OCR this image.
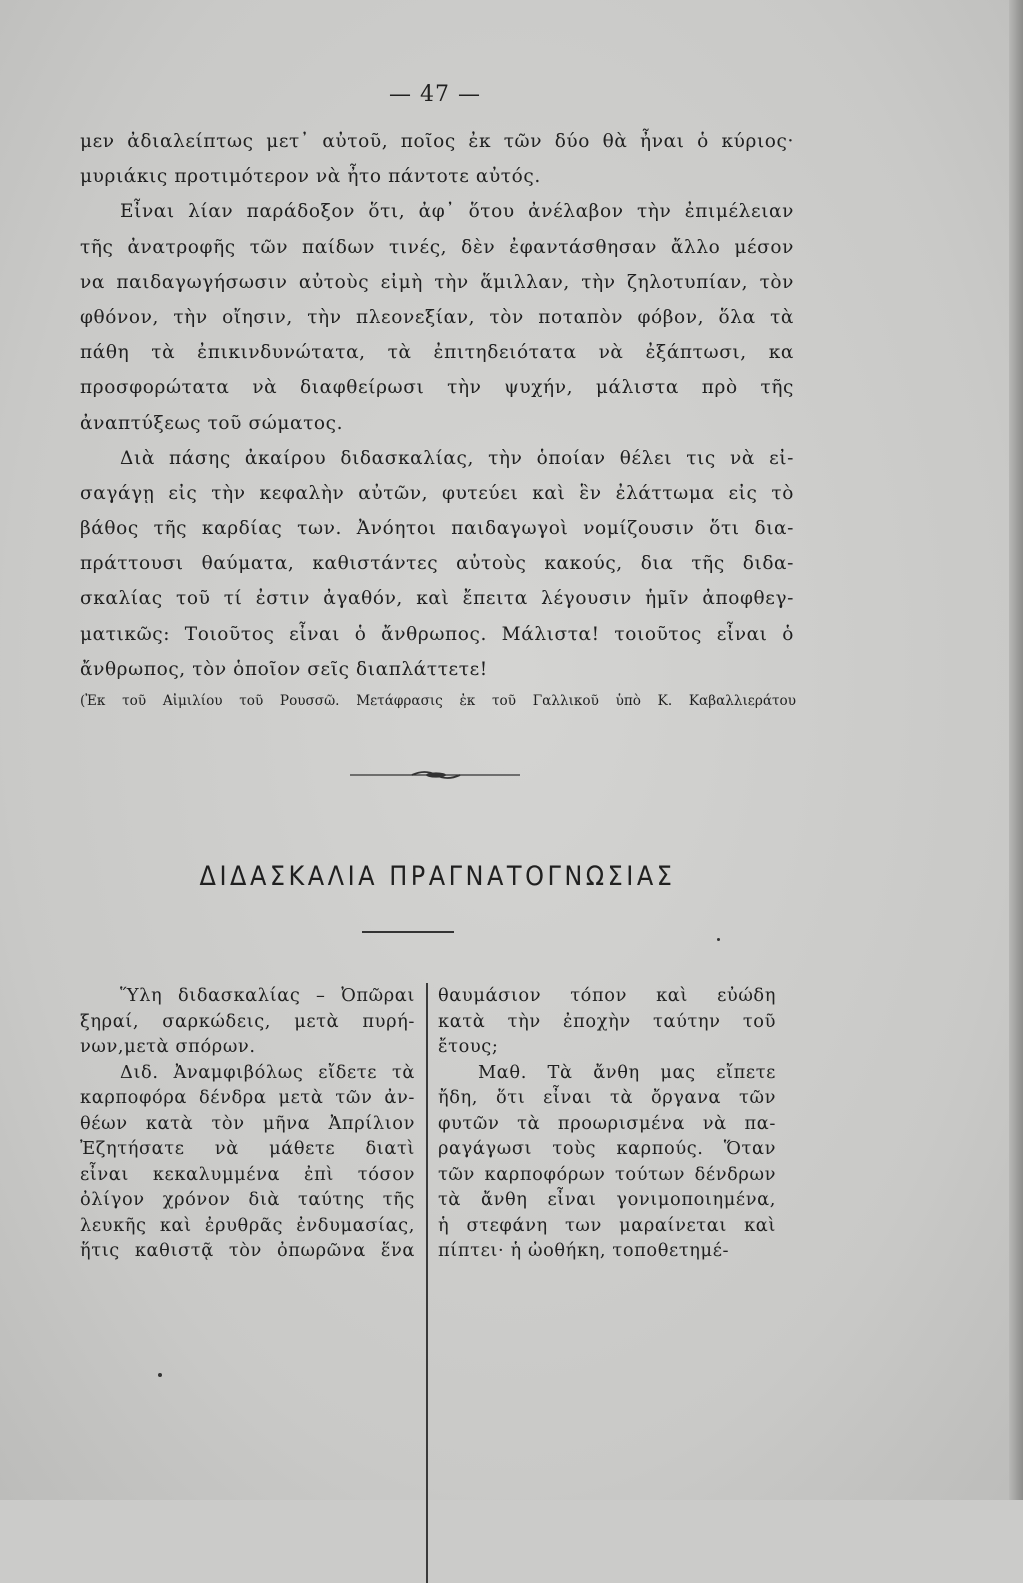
— 47 —
μεν ἀδιαλείπτως μετ᾽ αὐτοῦ, ποῖος ἐκ τῶν δύο θὰ ἦναι ὁ κύριος·
μυριάκις προτιμότερον νὰ ἦτο πάντοτε αὐτός.
Εἶναι λίαν παράδοξον ὅτι, ἀφ᾽ ὅτου ἀνέλαβον τὴν ἐπιμέλειαν
τῆς ἀνατροφῆς τῶν παίδων τινές, δὲν ἐφαντάσθησαν ἄλλο μέσον
να παιδαγωγήσωσιν αὐτοὺς εἰμὴ τὴν ἅμιλλαν, τὴν ζηλοτυπίαν, τὸν
φθόνον, τὴν οἴησιν, τὴν πλεονεξίαν, τὸν ποταπὸν φόβον, ὅλα τὰ
πάθη τὰ ἐπικινδυνώτατα, τὰ ἐπιτηδειότατα νὰ ἐξάπτωσι, κα
προσφορώτατα νὰ διαφθείρωσι τὴν ψυχήν, μάλιστα πρὸ τῆς
ἀναπτύξεως τοῦ σώματος.
Διὰ πάσης ἀκαίρου διδασκαλίας, τὴν ὁποίαν θέλει τις νὰ εἰ-
σαγάγῃ εἰς τὴν κεφαλὴν αὐτῶν, φυτεύει καὶ ἓν ἐλάττωμα εἰς τὸ
βάθος τῆς καρδίας των. Ἀνόητοι παιδαγωγοὶ νομίζουσιν ὅτι δια-
πράττουσι θαύματα, καθιστάντες αὐτοὺς κακούς, δια τῆς διδα-
σκαλίας τοῦ τί ἐστιν ἀγαθόν, καὶ ἔπειτα λέγουσιν ἡμῖν ἀποφθεγ-
ματικῶς: Τοιοῦτος εἶναι ὁ ἄνθρωπος. Μάλιστα! τοιοῦτος εἶναι ὁ
ἄνθρωπος, τὸν ὁποῖον σεῖς διαπλάττετε!
(Ἐκ τοῦ Αἰμιλίου τοῦ Ρουσσῶ. Μετάφρασις ἐκ τοῦ Γαλλικοῦ ὑπὸ Κ. Καβαλλιεράτου
ΔΙΔΑΣΚΑΛΙΑ ΠΡΑΓΝΑΤΟΓΝΩΣΙΑΣ
Ὕλη διδασκαλίας – Ὀπῶραι
ξηραί, σαρκώδεις, μετὰ πυρή-
νων,μετὰ σπόρων.
Διδ. Ἀναμφιβόλως εἴδετε τὰ
καρποφόρα δένδρα μετὰ τῶν ἀν-
θέων κατὰ τὸν μῆνα Ἀπρίλιον
Ἐζητήσατε νὰ μάθετε διατὶ
εἶναι κεκαλυμμένα ἐπὶ τόσον
ὀλίγον χρόνον διὰ ταύτης τῆς
λευκῆς καὶ ἐρυθρᾶς ἐνδυμασίας,
ἥτις καθιστᾷ τὸν ὀπωρῶνα ἕνα
θαυμάσιον τόπον καὶ εὐώδη
κατὰ τὴν ἐποχὴν ταύτην τοῦ
ἔτους;
Μαθ. Τὰ ἄνθη μας εἴπετε
ἤδη, ὅτι εἶναι τὰ ὄργανα τῶν
φυτῶν τὰ προωρισμένα νὰ πα-
ραγάγωσι τοὺς καρπούς. Ὅταν
τῶν καρποφόρων τούτων δένδρων
τὰ ἄνθη εἶναι γονιμοποιημένα,
ἡ στεφάνη των μαραίνεται καὶ
πίπτει· ἡ ὠοθήκη, τοποθετημέ-
